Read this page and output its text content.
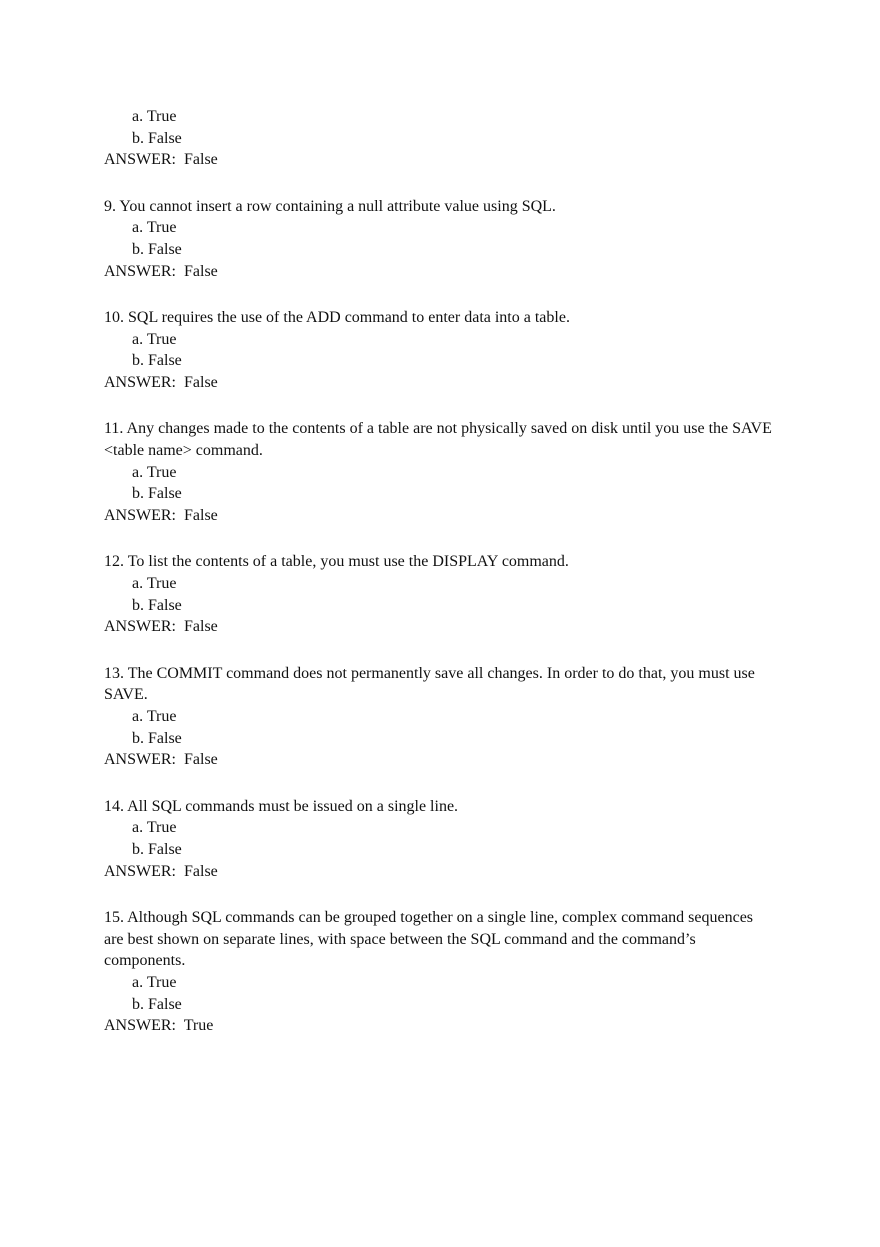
a. True
b. False
ANSWER:  False
9. You cannot insert a row containing a null attribute value using SQL.
a. True
b. False
ANSWER:  False
10. SQL requires the use of the ADD command to enter data into a table.
a. True
b. False
ANSWER:  False
11. Any changes made to the contents of a table are not physically saved on disk until you use the SAVE <table name> command.
a. True
b. False
ANSWER:  False
12. To list the contents of a table, you must use the DISPLAY command.
a. True
b. False
ANSWER:  False
13. The COMMIT command does not permanently save all changes. In order to do that, you must use SAVE.
a. True
b. False
ANSWER:  False
14. All SQL commands must be issued on a single line.
a. True
b. False
ANSWER:  False
15. Although SQL commands can be grouped together on a single line, complex command sequences are best shown on separate lines, with space between the SQL command and the command’s components.
a. True
b. False
ANSWER:  True
